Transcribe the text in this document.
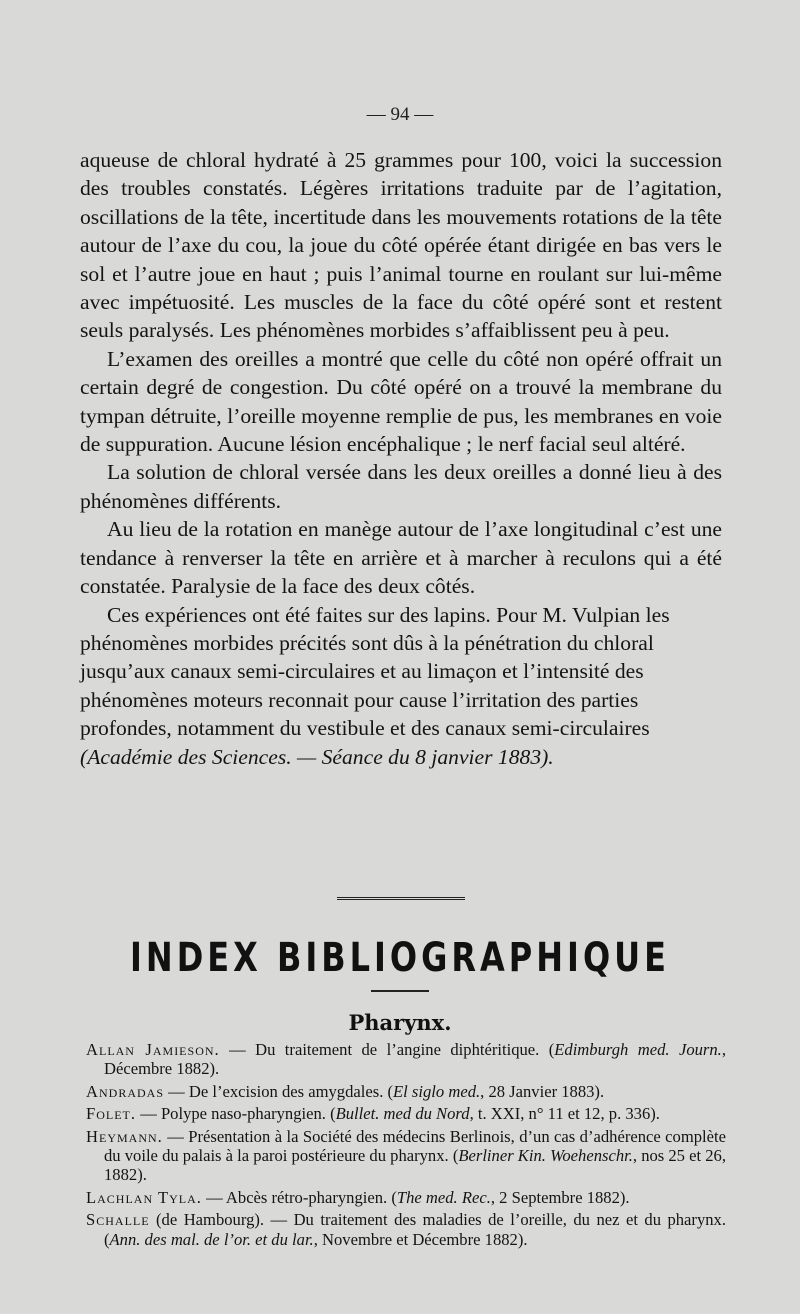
— 94 —

aqueuse de chloral hydraté à 25 grammes pour 100, voici la succession des troubles constatés. Légères irritations traduite par de l’agitation, oscillations de la tête, incertitude dans les mouvements rotations de la tête autour de l’axe du cou, la joue du côté opérée étant dirigée en bas vers le sol et l’autre joue en haut ; puis l’animal tourne en roulant sur lui-même avec impétuosité. Les muscles de la face du côté opéré sont et restent seuls paralysés. Les phénomènes morbides s’affaiblissent peu à peu.

L’examen des oreilles a montré que celle du côté non opéré offrait un certain degré de congestion. Du côté opéré on a trouvé la membrane du tympan détruite, l’oreille moyenne remplie de pus, les membranes en voie de suppuration. Aucune lésion encéphalique ; le nerf facial seul altéré.

La solution de chloral versée dans les deux oreilles a donné lieu à des phénomènes différents.

Au lieu de la rotation en manège autour de l’axe longitudinal c’est une tendance à renverser la tête en arrière et à marcher à reculons qui a été constatée. Paralysie de la face des deux côtés.

Ces expériences ont été faites sur des lapins. Pour M. Vulpian les phénomènes morbides précités sont dûs à la pénétration du chloral jusqu’aux canaux semi-circulaires et au limaçon et l’intensité des phénomènes moteurs reconnait pour cause l’irritation des parties profondes, notamment du vestibule et des canaux semi-circulaires (Académie des Sciences. — Séance du 8 janvier 1883).

INDEX BIBLIOGRAPHIQUE
Pharynx.

Allan Jamieson. — Du traitement de l’angine diphtéritique. (Edimburgh med. Journ., Décembre 1882).

Andradas — De l’excision des amygdales. (El siglo med., 28 Janvier 1883).

Folet. — Polype naso-pharyngien. (Bullet. med du Nord, t. XXI, n° 11 et 12, p. 336).

Heymann. — Présentation à la Société des médecins Berlinois, d’un cas d’adhérence complète du voile du palais à la paroi postérieure du pharynx. (Berliner Kin. Woehenschr., nos 25 et 26, 1882).

Lachlan Tyla. — Abcès rétro-pharyngien. (The med. Rec., 2 Septembre 1882).

Schalle (de Hambourg). — Du traitement des maladies de l’oreille, du nez et du pharynx. (Ann. des mal. de l’or. et du lar., Novembre et Décembre 1882).
